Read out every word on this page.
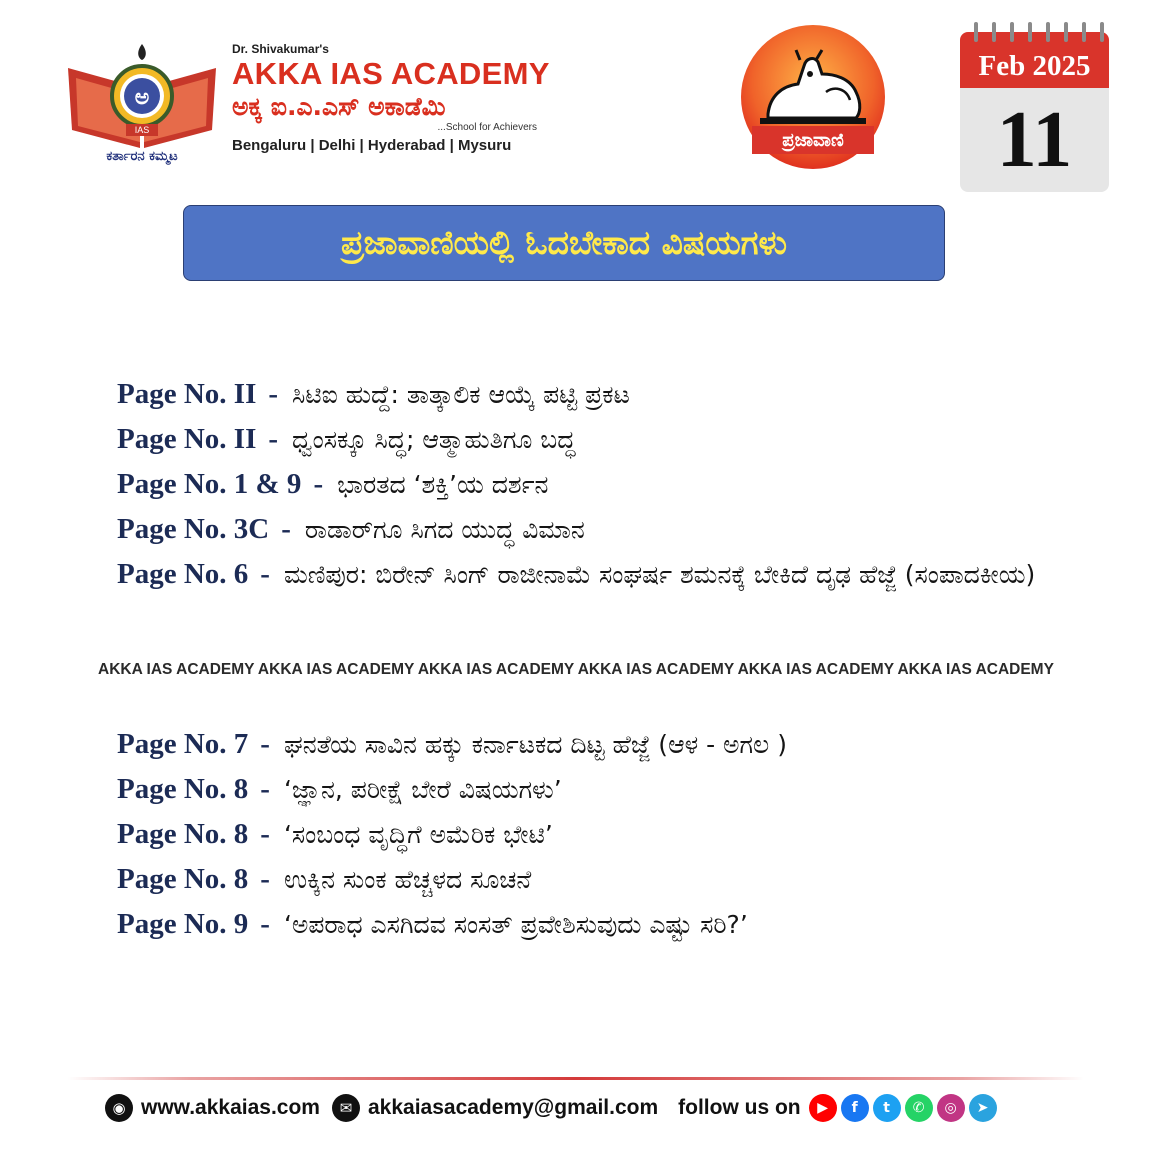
ಅ
IAS
ಕರ್ತಾರನ ಕಮ್ಮಟ
Dr. Shivakumar's
AKKA IAS ACADEMY
ಅಕ್ಕ ಐ.ಎ.ಎಸ್ ಅಕಾಡೆಮಿ
...School for Achievers
Bengaluru | Delhi | Hyderabad | Mysuru	ಪ್ರಜಾವಾಣಿ
Feb 2025
11
ಪ್ರಜಾವಾಣಿಯಲ್ಲಿ ಓದಬೇಕಾದ ವಿಷಯಗಳು
Page No. II - ಸಿಟಿಐ ಹುದ್ದೆ: ತಾತ್ಕಾಲಿಕ ಆಯ್ಕೆ ಪಟ್ಟಿ ಪ್ರಕಟ
Page No. II - ಧ್ವಂಸಕ್ಕೂ ಸಿದ್ಧ; ಆತ್ಮಾಹುತಿಗೂ ಬದ್ಧ
Page No. 1 & 9 - ಭಾರತದ ‘ಶಕ್ತಿ’ಯ ದರ್ಶನ
Page No. 3C - ರಾಡಾರ್‌ಗೂ ಸಿಗದ ಯುದ್ಧ ವಿಮಾನ
Page No. 6 - ಮಣಿಪುರ: ಬಿರೇನ್ ಸಿಂಗ್ ರಾಜೀನಾಮೆ ಸಂಘರ್ಷ ಶಮನಕ್ಕೆ ಬೇಕಿದೆ ದೃಢ ಹೆಜ್ಜೆ (ಸಂಪಾದಕೀಯ)
AKKA IAS ACADEMY AKKA IAS ACADEMY AKKA IAS ACADEMY AKKA IAS ACADEMY AKKA IAS ACADEMY AKKA IAS ACADEMY
Page No. 7 - ಘನತೆಯ ಸಾವಿನ ಹಕ್ಕು ಕರ್ನಾಟಕದ ದಿಟ್ಟ ಹೆಜ್ಜೆ (ಆಳ - ಅಗಲ )
Page No. 8 - ‘ಜ್ಞಾನ, ಪರೀಕ್ಷೆ ಬೇರೆ ವಿಷಯಗಳು’
Page No. 8 - ‘ಸಂಬಂಧ ವೃದ್ಧಿಗೆ ಅಮೆರಿಕ ಭೇಟಿ’
Page No. 8 - ಉಕ್ಕಿನ ಸುಂಕ ಹೆಚ್ಚಳದ ಸೂಚನೆ
Page No. 9 - ‘ಅಪರಾಧ ಎಸಗಿದವ ಸಂಸತ್ ಪ್ರವೇಶಿಸುವುದು ಎಷ್ಟು ಸರಿ?’
◉ www.akkaias.com	✉ akkaiasacademy@gmail.com follow us on	▶	f	t	✆	◎	➤
